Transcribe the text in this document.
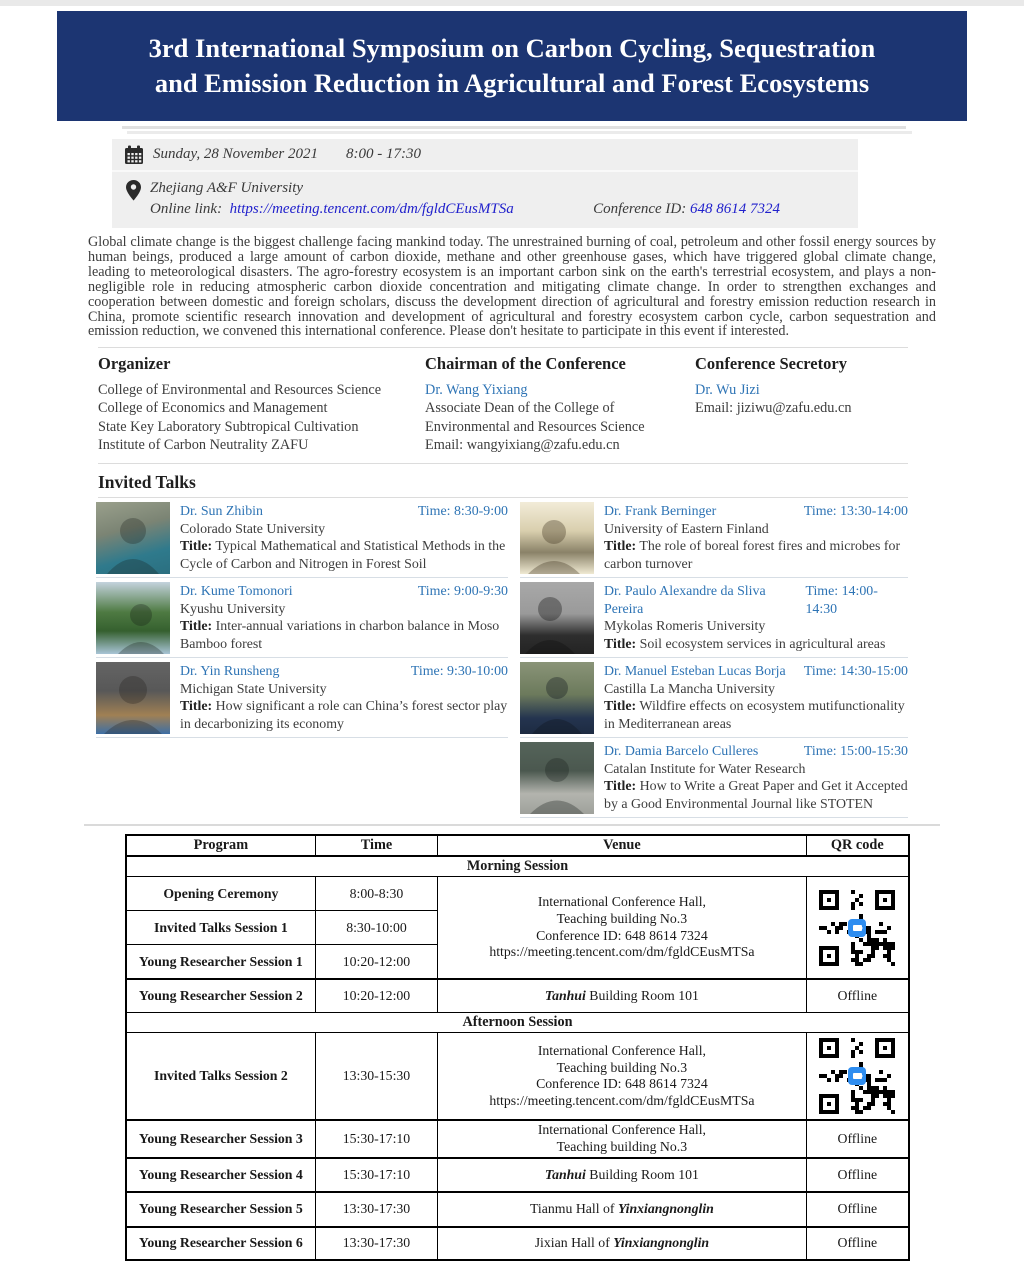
3rd International Symposium on Carbon Cycling, Sequestration
and Emission Reduction in Agricultural and Forest Ecosystems
Sunday, 28 November 2021 8:00 - 17:30
Zhejiang A&F University
Online link: https://meeting.tencent.com/dm/fgldCEusMTSa	Conference ID: 648 8614 7324
Global climate change is the biggest challenge facing mankind today. The unrestrained burning of coal, petroleum and other fossil energy sources by human beings, produced a large amount of carbon dioxide, methane and other greenhouse gases, which have triggered global climate change, leading to meteorological disasters. The agro-forestry ecosystem is an important carbon sink on the earth's terrestrial ecosystem, and plays a non-negligible role in reducing atmospheric carbon dioxide concentration and mitigating climate change. In order to strengthen exchanges and cooperation between domestic and foreign scholars, discuss the development direction of agricultural and forestry emission reduction research in China, promote scientific research innovation and development of agricultural and forestry ecosystem carbon cycle, carbon sequestration and emission reduction, we convened this international conference. Please don't hesitate to participate in this event if interested.
Organizer
College of Environmental and Resources Science
College of Economics and Management
State Key Laboratory Subtropical Cultivation
Institute of Carbon Neutrality ZAFU
Chairman of the Conference
Dr. Wang Yixiang
Associate Dean of the College of
Environmental and Resources Science
Email: wangyixiang@zafu.edu.cn
Conference Secretory
Dr. Wu Jizi
Email: jiziwu@zafu.edu.cn
Invited Talks
Dr. Sun Zhibin	Time: 8:30-9:00
Colorado State University
Title: Typical Mathematical and Statistical Methods in the Cycle of Carbon and Nitrogen in Forest Soil
Dr. Kume Tomonori	Time: 9:00-9:30
Kyushu University
Title: Inter-annual variations in charbon balance in Moso Bamboo forest
Dr. Yin Runsheng	Time: 9:30-10:00
Michigan State University
Title: How significant a role can China’s forest sector play in decarbonizing its economy
Dr. Frank Berninger	Time: 13:30-14:00
University of Eastern Finland
Title: The role of boreal forest fires and microbes for carbon turnover
Dr. Paulo Alexandre da Sliva Pereira
Time: 14:00-14:30
Mykolas Romeris University
Title: Soil ecosystem services in agricultural areas
Dr. Manuel Esteban Lucas Borja Time: 14:30-15:00
Castilla La Mancha University
Title: Wildfire effects on ecosystem mutifunctionality in Mediterranean areas
Dr. Damia Barcelo Culleres	Time: 15:00-15:30
Catalan Institute for Water Research
Title: How to Write a Great Paper and Get it Accepted by a Good Environmental Journal like STOTEN
Program	Time	Venue	QR code
Morning Session			
Opening Ceremony	8:00-8:30	International Conference Hall,
Teaching building No.3
Conference ID: 648 8614 7324
https://meeting.tencent.com/dm/fgldCEusMTSa	

Invited Talks Session 1	8:30-10:00		
Young Researcher Session 1	10:20-12:00		
Young Researcher Session 2	10:20-12:00	Tanhui Building Room 101	Offline
Afternoon Session			
Invited Talks Session 2	13:30-15:30	International Conference Hall,
Teaching building No.3
Conference ID: 648 8614 7324
https://meeting.tencent.com/dm/fgldCEusMTSa	

Young Researcher Session 3	15:30-17:10	International Conference Hall,
Teaching building No.3	Offline
Young Researcher Session 4	15:30-17:10	Tanhui Building Room 101	Offline
Young Researcher Session 5	13:30-17:30	Tianmu Hall of Yinxiangnonglin	Offline
Young Researcher Session 6	13:30-17:30	Jixian Hall of Yinxiangnonglin	Offline
